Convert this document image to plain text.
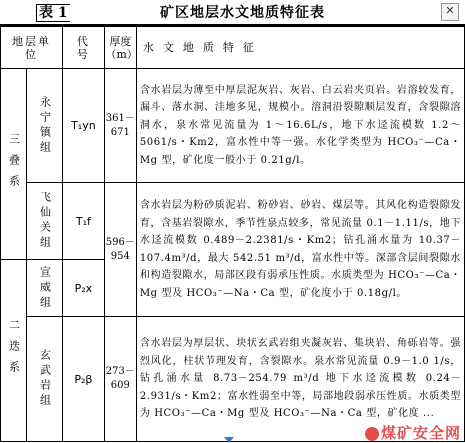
表 1	矿区地层水文地质特征表	✕
地层单位		代号	厚度（m）	水文地质特征

三叠系	永宁镇组	T₁yn	361－671	含水岩层为薄至中厚层泥灰岩、灰岩、白云岩夹页岩。岩溶较发育，漏斗、落水洞、洼地多见，规模小。溶洞沿裂隙顺层发育，含裂隙溶洞水，泉水常见流量为 1～16.6L/s，地下水迳流模数 1.2～5061/s・Km2，富水性中等一强。水化学类型为 HCO₃⁻—Ca・Mg 型，矿化度一般小于 0.21g/l。

	飞仙关组	T₁f	596－954	含水岩层为粉砂质泥岩、粉砂岩、砂岩、煤层等。其风化构造裂隙发育，含基岩裂隙水，季节性泉点较多，常见流量 0.1－1.11/s，地下水迳流模数 0.489－2.2381/s・Km2；钻孔涌水量为 10.37－107.4m³/d，最大 542.51 m³/d，富水性中等。深部含层间裂隙水和构造裂隙水，局部区段有弱承压性质。水质类型为 HCO₃⁻—Ca・Mg 型及 HCO₃⁻—Na・Ca 型，矿化度小于 0.18g/l。

二迭系	宣威组	P₂x		

	玄武岩组	P₂β	273－609	含水岩层为厚层状、块状玄武岩组夹凝灰岩、集块岩、角砾岩等。强烈风化，柱状节理发育，含裂隙水。泉水常见流量 0.9－1.0 1/s，钻孔涌水量 8.73－254.79 m³/d 地下水迳流模数 0.24－2.931/s・Km2；富水性弱至中等，局部地段弱承压性质。水质类型为 HCO₃⁻—Ca・Mg 型及 HCO₃⁻—Na・Ca 型，矿化度 ...
煤矿安全网
